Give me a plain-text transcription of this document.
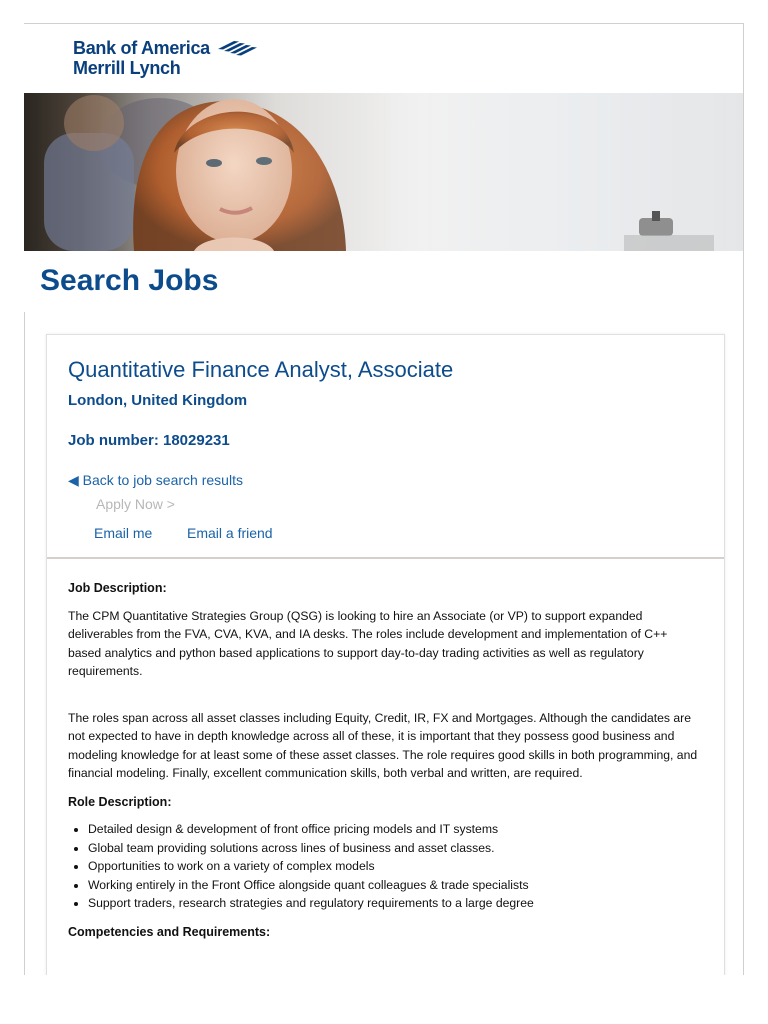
Bank of America
Merrill Lynch
Search Jobs
Quantitative Finance Analyst, Associate
London, United Kingdom
Job number: 18029231
◀ Back to job search results
Apply Now >
Email me Email a friend

Job Description:

The CPM Quantitative Strategies Group (QSG) is looking to hire an Associate (or VP) to support expanded deliverables from the FVA, CVA, KVA, and IA desks. The roles include development and implementation of C++ based analytics and python based applications to support day-to-day trading activities as well as regulatory requirements.

The roles span across all asset classes including Equity, Credit, IR, FX and Mortgages. Although the candidates are not expected to have in depth knowledge across all of these, it is important that they possess good business and modeling knowledge for at least some of these asset classes. The role requires good skills in both programming, and financial modeling. Finally, excellent communication skills, both verbal and written, are required.

Role Description:

• Detailed design & development of front office pricing models and IT systems
• Global team providing solutions across lines of business and asset classes.
• Opportunities to work on a variety of complex models
• Working entirely in the Front Office alongside quant colleagues & trade specialists
• Support traders, research strategies and regulatory requirements to a large degree

Competencies and Requirements:
